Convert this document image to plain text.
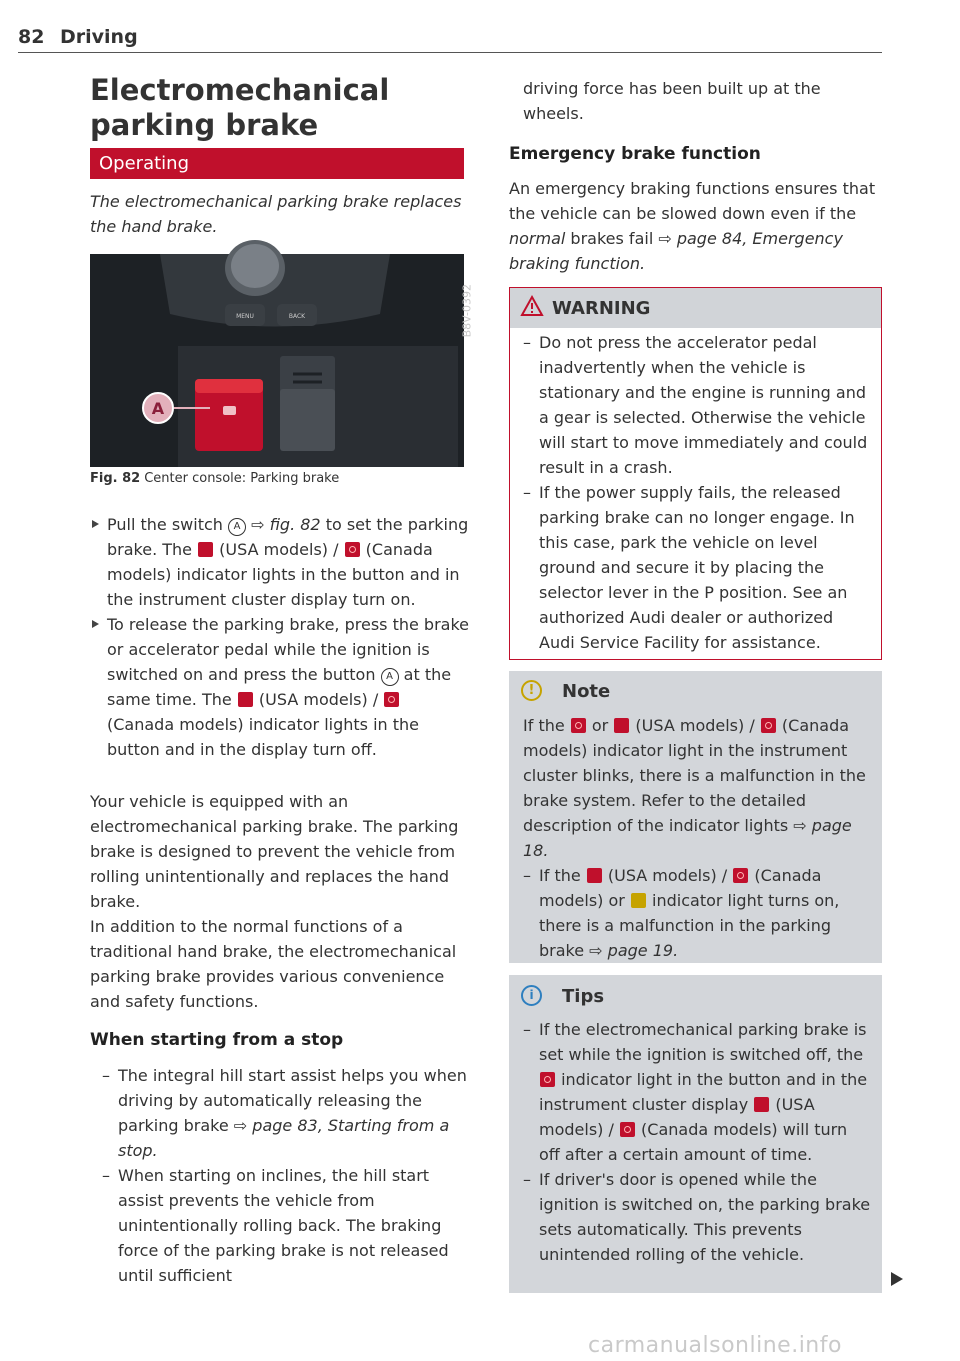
82 Driving
Electromechanical parking brake
Operating
The electromechanical parking brake replaces the hand brake.
MENU	BACK
A
B8V-0392
Fig. 82 Center console: Parking brake
Pull the switch A ⇨ fig. 82 to set the parking brake. The  (USA models) /  (Canada models) indicator lights in the button and in the instrument cluster display turn on.
To release the parking brake, press the brake or accelerator pedal while the ignition is switched on and press the button A at the same time. The  (USA models) /  (Canada models) indicator lights in the button and in the display turn off.
Your vehicle is equipped with an electromechanical parking brake. The parking brake is designed to prevent the vehicle from rolling unintentionally and replaces the hand brake.
In addition to the normal functions of a traditional hand brake, the electromechanical parking brake provides various convenience and safety functions.
When starting from a stop
– The integral hill start assist helps you when driving by automatically releasing the parking brake ⇨ page 83, Starting from a stop.
– When starting on inclines, the hill start assist prevents the vehicle from unintentionally rolling back. The braking force of the parking brake is not released until sufficient
driving force has been built up at the wheels.
Emergency brake function
An emergency braking functions ensures that the vehicle can be slowed down even if the normal brakes fail ⇨ page 84, Emergency braking function.
WARNING
– Do not press the accelerator pedal inadvertently when the vehicle is stationary and the engine is running and a gear is selected. Otherwise the vehicle will start to move immediately and could result in a crash.
– If the power supply fails, the released parking brake can no longer engage. In this case, park the vehicle on level ground and secure it by placing the selector lever in the P position. See an authorized Audi dealer or authorized Audi Service Facility for assistance.
!	Note
If the  or  (USA models) /  (Canada models) indicator light in the instrument cluster blinks, there is a malfunction in the brake system. Refer to the detailed description of the indicator lights ⇨ page 18.
– If the  (USA models) /  (Canada models) or  indicator light turns on, there is a malfunction in the parking brake ⇨ page 19.
i	Tips
– If the electromechanical parking brake is set while the ignition is switched off, the  indicator light in the button and in the instrument cluster display  (USA models) /  (Canada models) will turn off after a certain amount of time.
– If driver's door is opened while the ignition is switched on, the parking brake sets automatically. This prevents unintended rolling of the vehicle.
carmanualsonline.info
